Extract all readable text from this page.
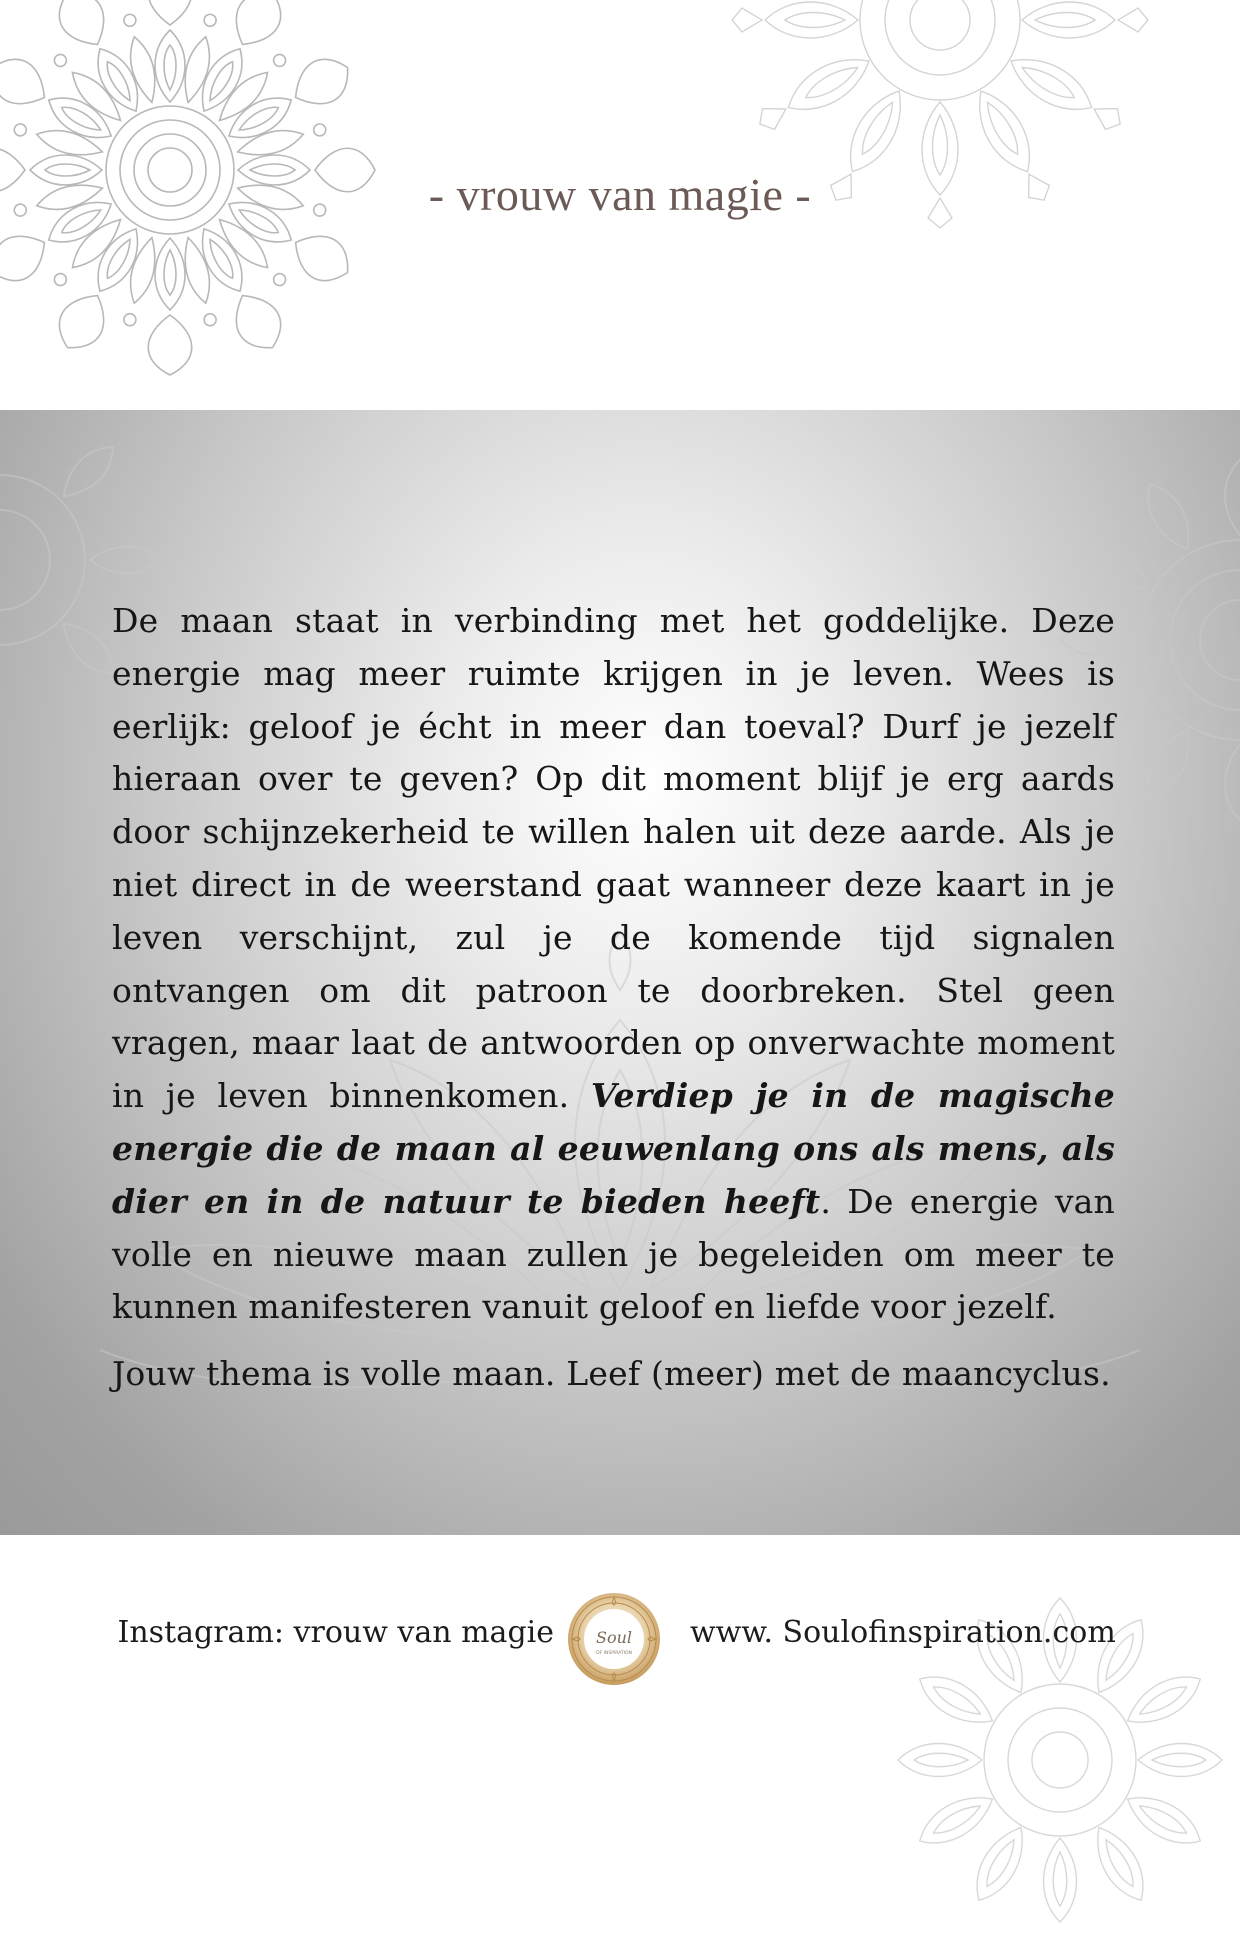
- vrouw van magie -

De maan staat in verbinding met het goddelijke. Deze energie mag meer ruimte krijgen in je leven. Wees is eerlijk: geloof je écht in meer dan toeval? Durf je jezelf hieraan over te geven? Op dit moment blijf je erg aards door schijnzekerheid te willen halen uit deze aarde. Als je niet direct in de weerstand gaat wanneer deze kaart in je leven verschijnt, zul je de komende tijd signalen ontvangen om dit patroon te doorbreken. Stel geen vragen, maar laat de antwoorden op onverwachte moment in je leven binnenkomen. Verdiep je in de magische energie die de maan al eeuwenlang ons als mens, als dier en in de natuur te bieden heeft. De energie van volle en nieuwe maan zullen je begeleiden om meer te kunnen manifesteren vanuit geloof en liefde voor jezelf.

Jouw thema is volle maan. Leef (meer) met de maancyclus.

Instagram: vrouw van magie	Soul
OF INSPIRATION
www. Soulofinspiration.com
